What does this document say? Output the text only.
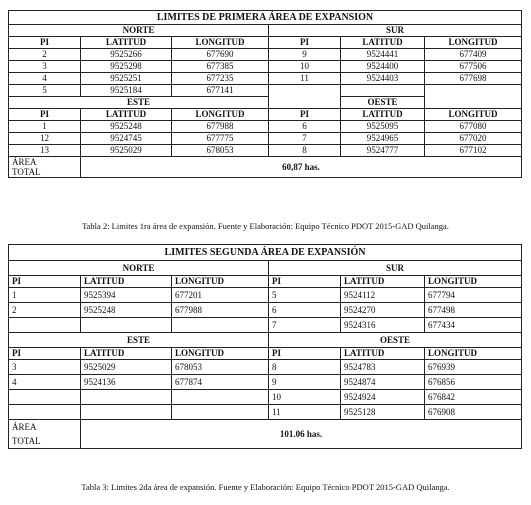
LIMITES DE PRIMERA ÁREA DE EXPANSION					
NORTE			SUR		
PI	LATITUD	LONGITUD	PI	LATITUD	LONGITUD
2	9525266	677690	9	9524441	677409
3	9525298	677385	10	9524400	677506
4	9525251	677235	11	9524403	677698
5	9525184	677141			
ESTE				OESTE	
PI	LATITUD	LONGITUD	PI	LATITUD	LONGITUD
1	9525248	677988	6	9525095	677080
12	9524745	677775	7	9524965	677020
13	9525029	678053	8	9524777	677102
ÁREA
TOTAL	60,87 has.				
Tabla 2: Limites 1ra área de expansión. Fuente y Elaboración: Equipo Técnico PDOT 2015-GAD Quilanga.
LIMITES SEGUNDA ÁREA DE EXPANSIÓN					
NORTE			SUR		
PI	LATITUD	LONGITUD	PI	LATITUD	LONGITUD
1	9525394	677201	5	9524112	677794
2	9525248	677988	6	9524270	677498
			7	9524316	677434
ESTE			OESTE		
PI	LATITUD	LONGITUD	PI	LATITUD	LONGITUD
3	9525029	678053	8	9524783	676939
4	9524136	677874	9	9524874	676856
			10	9524924	676842
			11	9525128	676908
ÁREA
TOTAL	101.06 has.				
Tabla 3: Limites 2da área de expansión. Fuente y Elaboración: Equipo Técnico PDOT 2015-GAD Quilanga.
